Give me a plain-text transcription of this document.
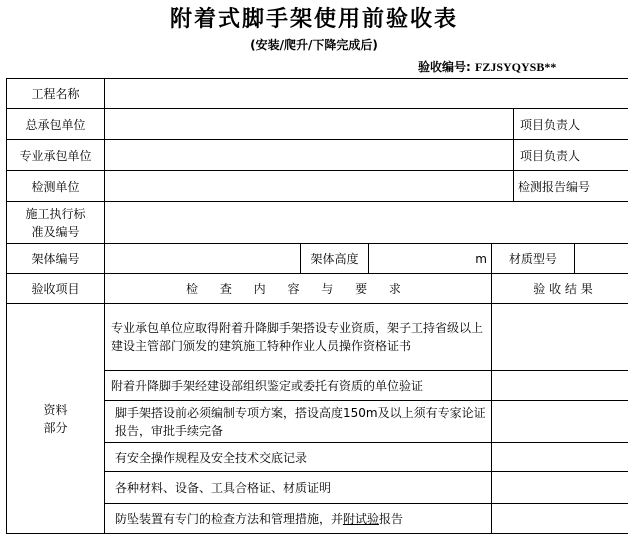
附着式脚手架使用前验收表
(安装/爬升/下降完成后)
验收编号: FZJSYQYSB**
工程名称						
总承包单位					项目负责人	
专业承包单位					项目负责人	
检测单位					检测报告编号	

施工执行标
准及编号						

架体编号		架体高度	m	材质型号		
验收项目	检 查 内 容 与 要 求			验 收 结 果		

资料
部分	专业承包单位应取得附着升降脚手架搭设专业资质，架子工持省级以上建设主管部门颁发的建筑施工特种作业人员操作资格证书					
	附着升降脚手架经建设部组织鉴定或委托有资质的单位验证					
	脚手架搭设前必须编制专项方案，搭设高度150m及以上须有专家论证报告，审批手续完备					
	有安全操作规程及安全技术交底记录					
	各种材料、设备、工具合格证、材质证明					
	防坠装置有专门的检查方法和管理措施，并附试验报告					
